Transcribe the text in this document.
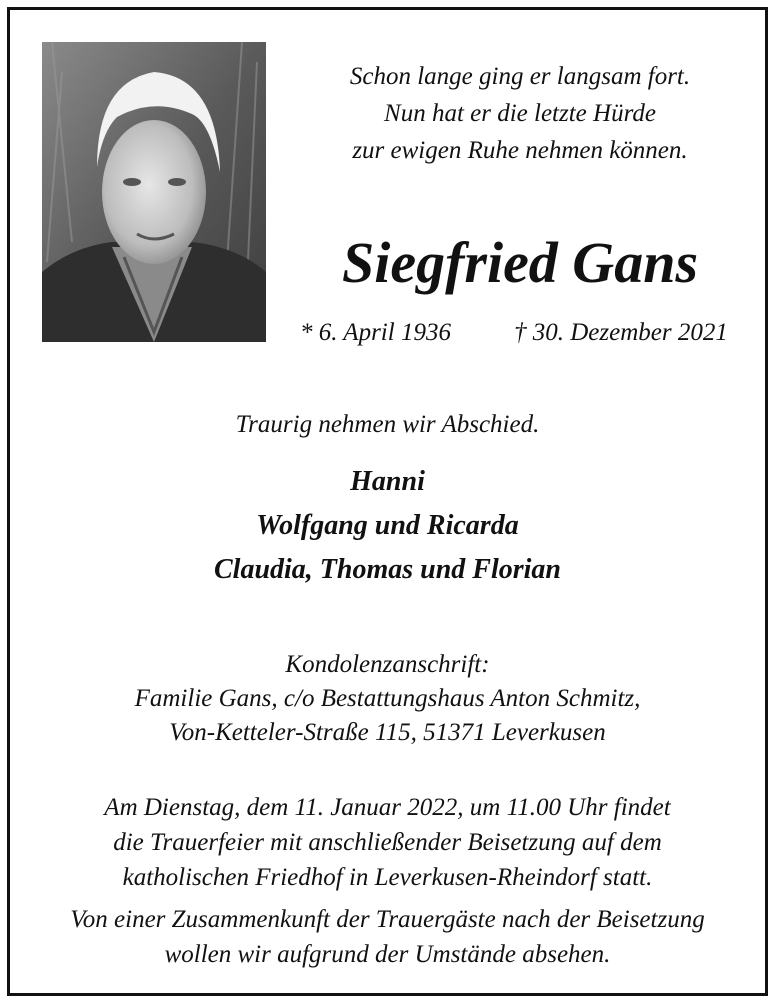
Schon lange ging er langsam fort.
Nun hat er die letzte Hürde
zur ewigen Ruhe nehmen können.
Siegfried Gans
* 6. April 1936	† 30. Dezember 2021
Traurig nehmen wir Abschied.
Hanni
Wolfgang und Ricarda
Claudia, Thomas und Florian
Kondolenzanschrift:
Familie Gans, c/o Bestattungshaus Anton Schmitz,
Von-Ketteler-Straße 115, 51371 Leverkusen
Am Dienstag, dem 11. Januar 2022, um 11.00 Uhr findet
die Trauerfeier mit anschließender Beisetzung auf dem
katholischen Friedhof in Leverkusen-Rheindorf statt.
Von einer Zusammenkunft der Trauergäste nach der Beisetzung
wollen wir aufgrund der Umstände absehen.
